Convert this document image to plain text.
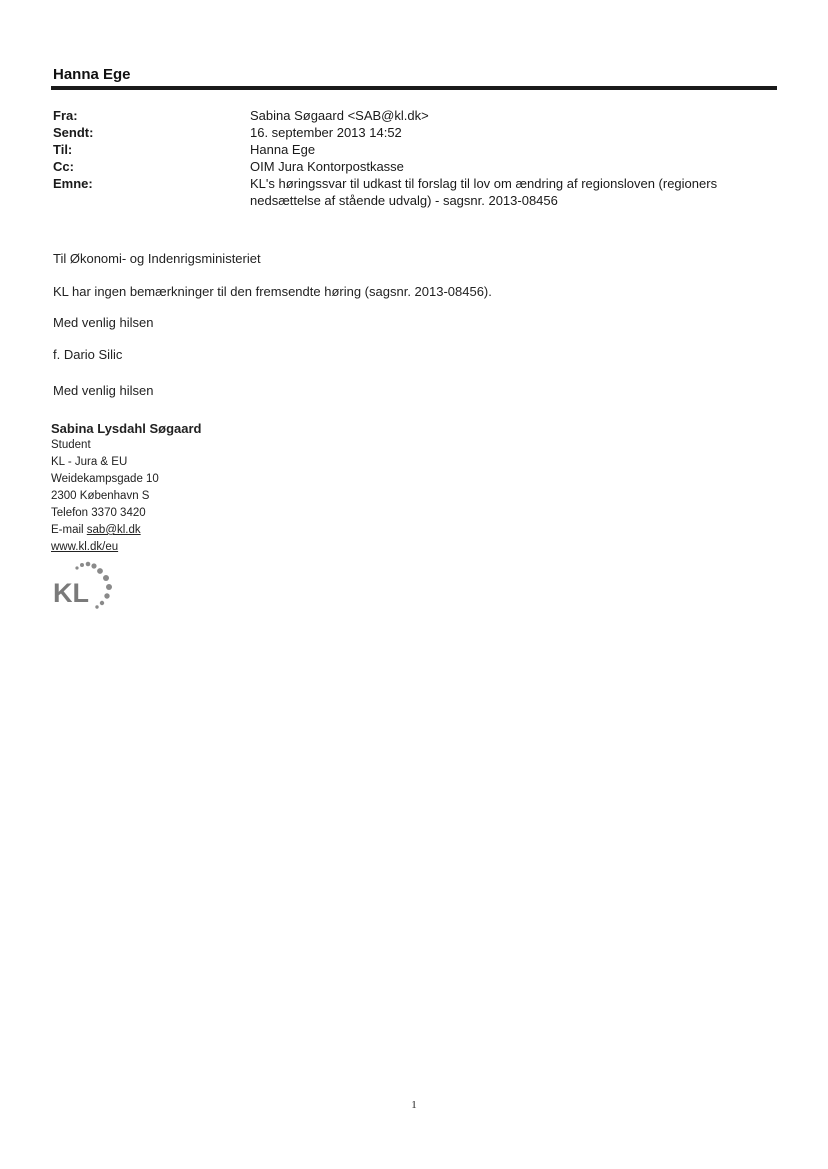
Hanna Ege
Fra:	Sabina Søgaard <SAB@kl.dk>
Sendt:	16. september 2013 14:52
Til:	Hanna Ege
Cc:	OIM Jura Kontorpostkasse
Emne:	KL's høringssvar til udkast til forslag til lov om ændring af regionsloven (regioners nedsættelse af stående udvalg) - sagsnr. 2013-08456
Til Økonomi- og Indenrigsministeriet
KL har ingen bemærkninger til den fremsendte høring (sagsnr. 2013-08456).
Med venlig hilsen
f. Dario Silic
Med venlig hilsen
Sabina Lysdahl Søgaard
Student
KL - Jura & EU
Weidekampsgade 10
2300 København S
Telefon 3370 3420
E-mail sab@kl.dk
www.kl.dk/eu
KL
1
